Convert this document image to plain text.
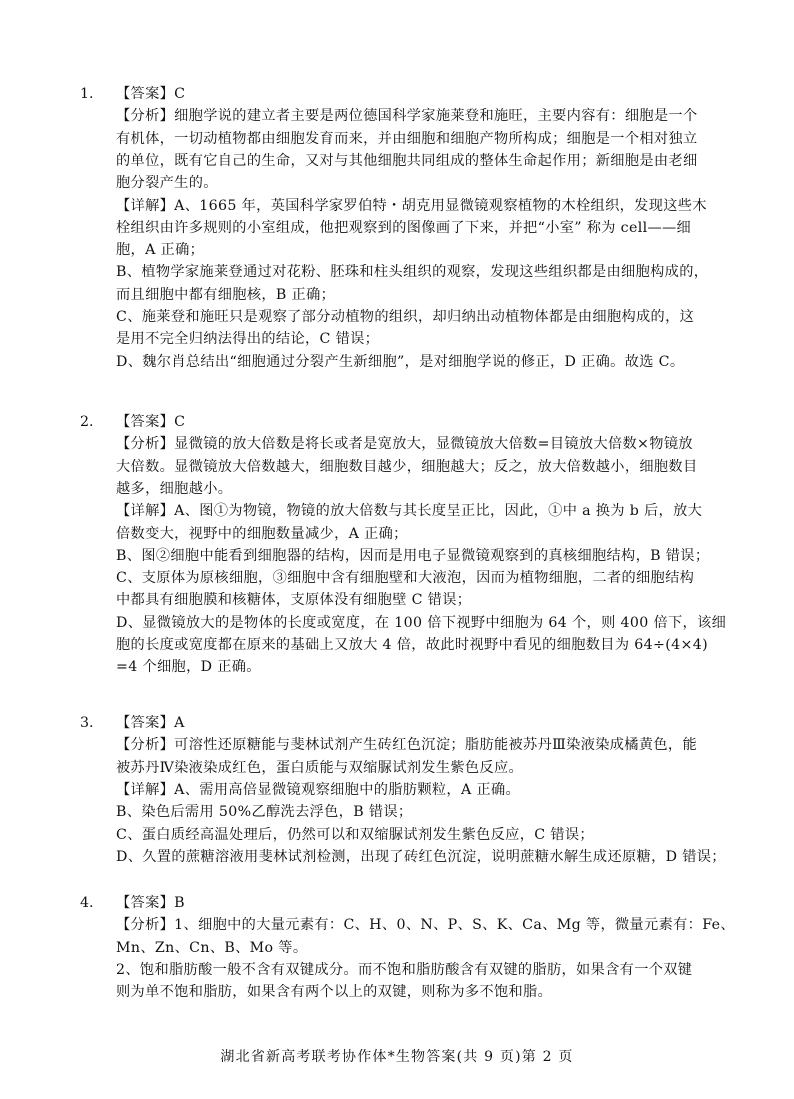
1. 【答案】C
【分析】细胞学说的建立者主要是两位德国科学家施莱登和施旺，主要内容有：细胞是一个
有机体，一切动植物都由细胞发育而来，并由细胞和细胞产物所构成；细胞是一个相对独立
的单位，既有它自己的生命，又对与其他细胞共同组成的整体生命起作用；新细胞是由老细
胞分裂产生的。
【详解】A、1665 年，英国科学家罗伯特・胡克用显微镜观察植物的木栓组织，发现这些木
栓组织由许多规则的小室组成，他把观察到的图像画了下来，并把“小室” 称为 cell——细
胞，A 正确；
B、植物学家施莱登通过对花粉、胚珠和柱头组织的观察，发现这些组织都是由细胞构成的，
而且细胞中都有细胞核，B 正确；
C、施莱登和施旺只是观察了部分动植物的组织，却归纳出动植物体都是由细胞构成的，这
是用不完全归纳法得出的结论，C 错误；
D、魏尔肖总结出“细胞通过分裂产生新细胞”，是对细胞学说的修正，D 正确。故选 C。
2. 【答案】C
【分析】显微镜的放大倍数是将长或者是宽放大，显微镜放大倍数=目镜放大倍数×物镜放
大倍数。显微镜放大倍数越大，细胞数目越少，细胞越大；反之，放大倍数越小，细胞数目
越多，细胞越小。
【详解】A、图①为物镜，物镜的放大倍数与其长度呈正比，因此，①中 a 换为 b 后，放大
倍数变大，视野中的细胞数量减少，A 正确；
B、图②细胞中能看到细胞器的结构，因而是用电子显微镜观察到的真核细胞结构，B 错误；
C、支原体为原核细胞，③细胞中含有细胞壁和大液泡，因而为植物细胞，二者的细胞结构
中都具有细胞膜和核糖体，支原体没有细胞壁 C 错误；
D、显微镜放大的是物体的长度或宽度，在 100 倍下视野中细胞为 64 个，则 400 倍下，该细
胞的长度或宽度都在原来的基础上又放大 4 倍，故此时视野中看见的细胞数目为 64÷(4×4)
=4 个细胞，D 正确。
3. 【答案】A
【分析】可溶性还原糖能与斐林试剂产生砖红色沉淀；脂肪能被苏丹Ⅲ染液染成橘黄色，能
被苏丹Ⅳ染液染成红色，蛋白质能与双缩脲试剂发生紫色反应。
【详解】A、需用高倍显微镜观察细胞中的脂肪颗粒，A 正确。
B、染色后需用 50%乙醇洗去浮色，B 错误；
C、蛋白质经高温处理后，仍然可以和双缩脲试剂发生紫色反应，C 错误；
D、久置的蔗糖溶液用斐林试剂检测，出现了砖红色沉淀，说明蔗糖水解生成还原糖，D 错误；
4. 【答案】B
【分析】1、细胞中的大量元素有：C、H、0、N、P、S、K、Ca、Mg 等，微量元素有：Fe、
Mn、Zn、Cn、B、Mo 等。
2、饱和脂肪酸一般不含有双键成分。而不饱和脂肪酸含有双键的脂肪，如果含有一个双键
则为单不饱和脂肪，如果含有两个以上的双键，则称为多不饱和脂。
湖北省新高考联考协作体*生物答案(共 9 页)第 2 页
